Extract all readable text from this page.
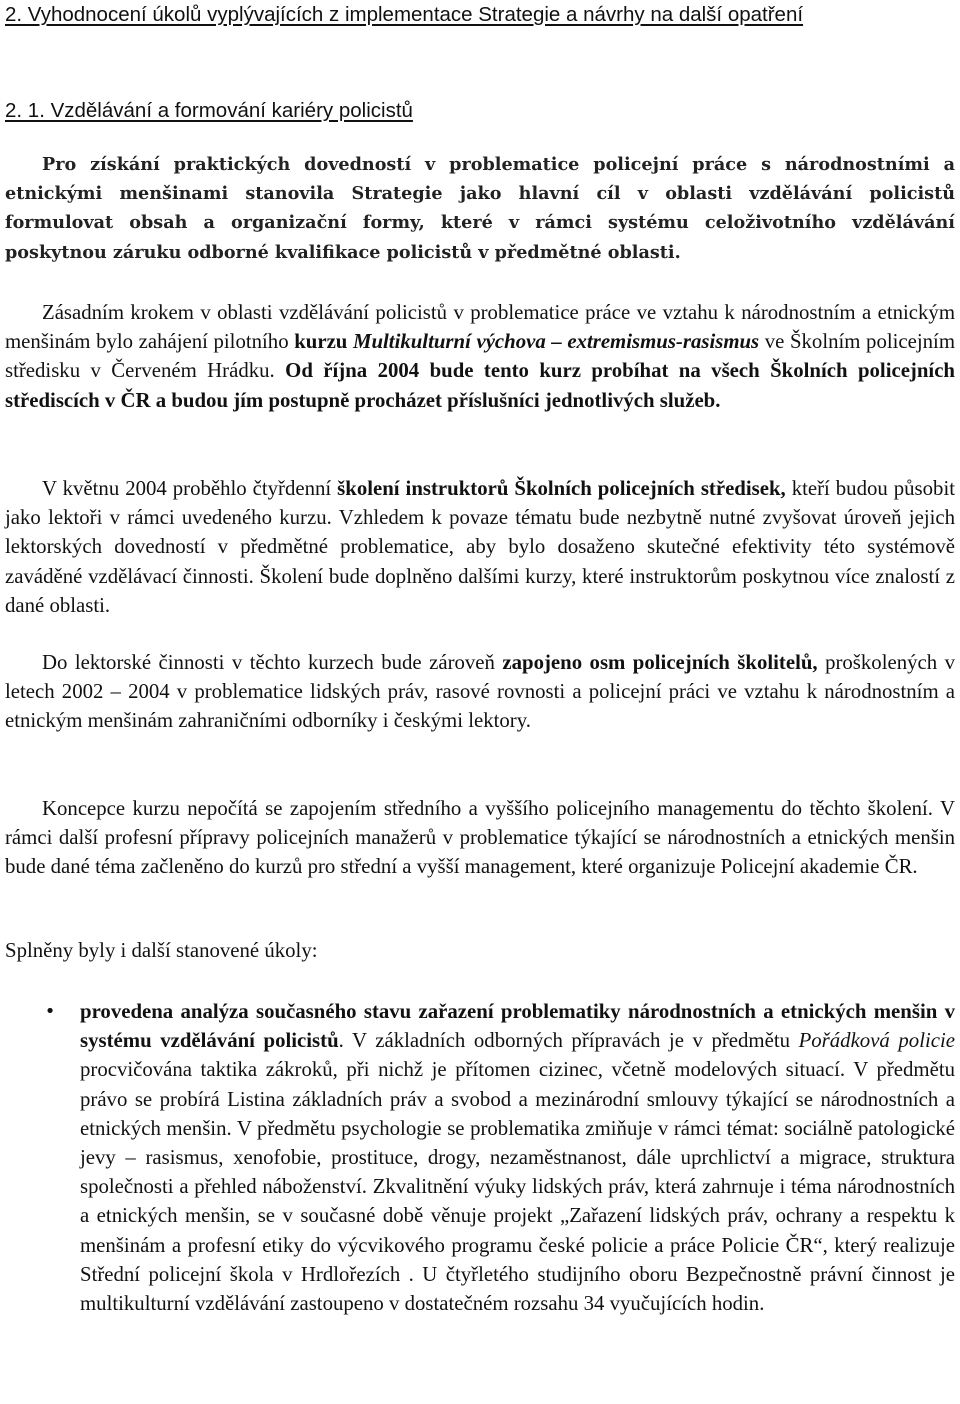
2. Vyhodnocení úkolů vyplývajících z implementace Strategie a návrhy na další opatření
2. 1. Vzdělávání a formování kariéry policistů

Pro získání praktických dovedností v problematice policejní práce s národnostními a etnickými menšinami stanovila Strategie jako hlavní cíl v oblasti vzdělávání policistů formulovat obsah a organizační formy, které v rámci systému celoživotního vzdělávání poskytnou záruku odborné kvalifikace policistů v předmětné oblasti.

Zásadním krokem v oblasti vzdělávání policistů v problematice práce ve vztahu k národnostním a etnickým menšinám bylo zahájení pilotního kurzu Multikulturní výchova – extremismus-rasismus ve Školním policejním středisku v Červeném Hrádku. Od října 2004 bude tento kurz probíhat na všech Školních policejních střediscích v ČR a budou jím postupně procházet příslušníci jednotlivých služeb.

V květnu 2004 proběhlo čtyřdenní školení instruktorů Školních policejních středisek, kteří budou působit jako lektoři v rámci uvedeného kurzu. Vzhledem k povaze tématu bude nezbytně nutné zvyšovat úroveň jejich lektorských dovedností v předmětné problematice, aby bylo dosaženo skutečné efektivity této systémově zaváděné vzdělávací činnosti. Školení bude doplněno dalšími kurzy, které instruktorům poskytnou více znalostí z dané oblasti.

Do lektorské činnosti v těchto kurzech bude zároveň zapojeno osm policejních školitelů, proškolených v letech 2002 – 2004 v problematice lidských práv, rasové rovnosti a policejní práci ve vztahu k národnostním a etnickým menšinám zahraničními odborníky i českými lektory.

Koncepce kurzu nepočítá se zapojením středního a vyššího policejního managementu do těchto školení. V rámci další profesní přípravy policejních manažerů v problematice týkající se národnostních a etnických menšin bude dané téma začleněno do kurzů pro střední a vyšší management, které organizuje Policejní akademie ČR.

Splněny byly i další stanovené úkoly:

•	provedena analýza současného stavu zařazení problematiky národnostních a etnických menšin v systému vzdělávání policistů. V základních odborných přípravách je v předmětu Pořádková policie procvičována taktika zákroků, při nichž je přítomen cizinec, včetně modelových situací. V předmětu právo se probírá Listina základních práv a svobod a mezinárodní smlouvy týkající se národnostních a etnických menšin. V předmětu psychologie se problematika zmiňuje v rámci témat: sociálně patologické jevy – rasismus, xenofobie, prostituce, drogy, nezaměstnanost, dále uprchlictví a migrace, struktura společnosti a přehled náboženství. Zkvalitnění výuky lidských práv, která zahrnuje i téma národnostních a etnických menšin, se v současné době věnuje projekt „Zařazení lidských práv, ochrany a respektu k menšinám a profesní etiky do výcvikového programu české policie a práce Policie ČR“, který realizuje Střední policejní škola v Hrdlořezích . U čtyřletého studijního oboru Bezpečnostně právní činnost je multikulturní vzdělávání zastoupeno v dostatečném rozsahu 34 vyučujících hodin.
